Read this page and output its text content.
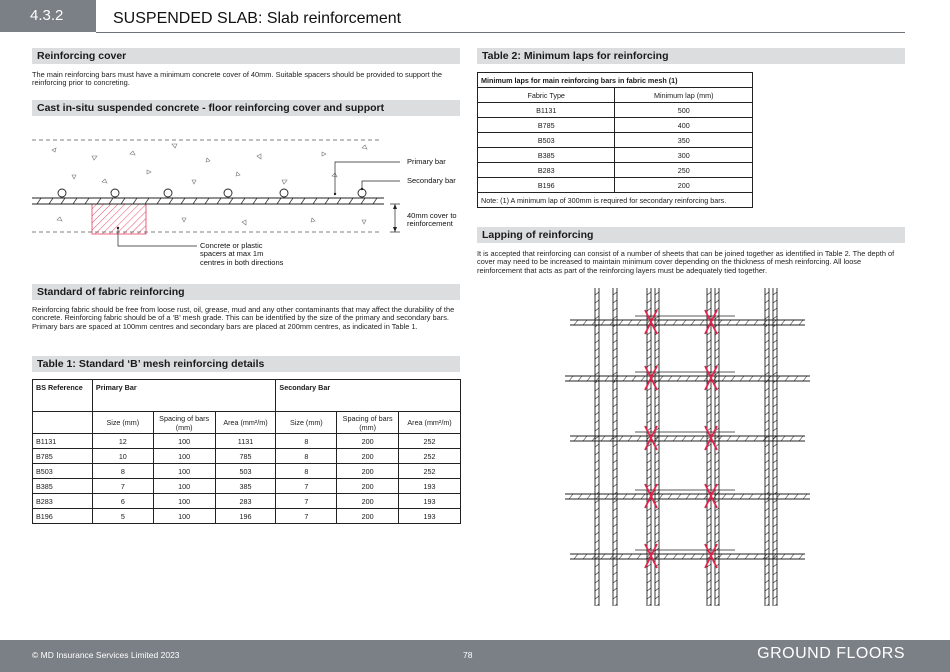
4.3.2	SUSPENDED SLAB: Slab reinforcement
Reinforcing cover
The main reinforcing bars must have a minimum concrete cover of 40mm. Suitable spacers should be provided to support the reinforcing prior to concreting.
Cast in-situ suspended concrete - floor reinforcing cover and support
Primary bar
Secondary bar
40mm cover to
reinforcement
Concrete or plastic
spacers at max 1m
centres in both directions
Standard of fabric reinforcing
Reinforcing fabric should be free from loose rust, oil, grease, mud and any other contaminants that may affect the durability of the concrete. Reinforcing fabric should be of a ‘B’ mesh grade. This can be identified by the size of the primary and secondary bars. Primary bars are spaced at 100mm centres and secondary bars are placed at 200mm centres, as indicated in Table 1.
Table 1: Standard ‘B’ mesh reinforcing details
BS Reference	Primary Bar			Secondary Bar		
	Size (mm)	Spacing of bars (mm)	Area (mm²/m)	Size (mm)	Spacing of bars (mm)	Area (mm²/m)
B1131	12	100	1131	8	200	252
B785	10	100	785	8	200	252
B503	8	100	503	8	200	252
B385	7	100	385	7	200	193
B283	6	100	283	7	200	193
B196	5	100	196	7	200	193
Table 2: Minimum laps for reinforcing
Minimum laps for main reinforcing bars in fabric mesh (1)	
Fabric Type	Minimum lap (mm)
B1131	500
B785	400
B503	350
B385	300
B283	250
B196	200
Note: (1) A minimum lap of 300mm is required for secondary reinforcing bars.	
Lapping of reinforcing
It is accepted that reinforcing can consist of a number of sheets that can be joined together as identified in Table 2. The depth of cover may need to be increased to maintain minimum cover depending on the thickness of mesh reinforcing. All loose reinforcement that acts as part of the reinforcing layers must be adequately tied together.
© MD Insurance Services Limited 2023	78	GROUND FLOORS
